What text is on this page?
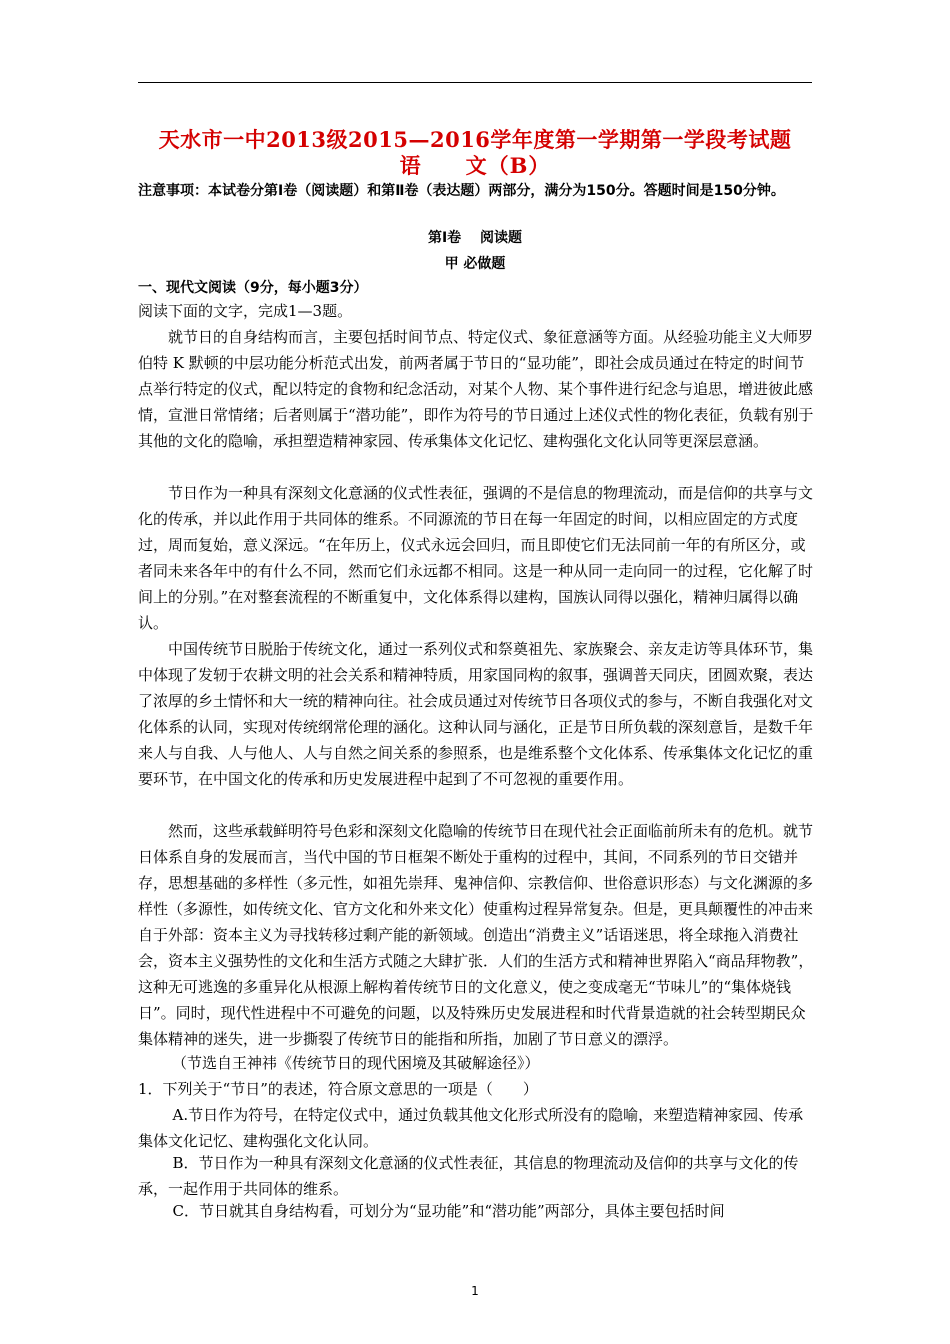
天水市一中2013级2015—2016学年度第一学期第一学段考试题
语　　文（B）
注意事项：本试卷分第Ⅰ卷（阅读题）和第Ⅱ卷（表达题）两部分，满分为150分。答题时间是150分钟。
第Ⅰ卷　 阅读题
甲 必做题
一、现代文阅读（9分，每小题3分）
阅读下面的文字，完成1—3题。
就节日的自身结构而言，主要包括时间节点、特定仪式、象征意涵等方面。从经验功能主义大师罗伯特 K 默顿的中层功能分析范式出发，前两者属于节日的“显功能”，即社会成员通过在特定的时间节点举行特定的仪式，配以特定的食物和纪念活动，对某个人物、某个事件进行纪念与追思，增进彼此感情，宣泄日常情绪；后者则属于“潜功能”，即作为符号的节日通过上述仪式性的物化表征，负载有别于其他的文化的隐喻，承担塑造精神家园、传承集体文化记忆、建构强化文化认同等更深层意涵。
节日作为一种具有深刻文化意涵的仪式性表征，强调的不是信息的物理流动，而是信仰的共享与文化的传承，并以此作用于共同体的维系。不同源流的节日在每一年固定的时间，以相应固定的方式度过，周而复始，意义深远。“在年历上，仪式永远会回归，而且即使它们无法同前一年的有所区分，或者同未来各年中的有什么不同，然而它们永远都不相同。这是一种从同一走向同一的过程，它化解了时间上的分别。”在对整套流程的不断重复中，文化体系得以建构，国族认同得以强化，精神归属得以确认。
中国传统节日脱胎于传统文化，通过一系列仪式和祭奠祖先、家族聚会、亲友走访等具体环节，集中体现了发轫于农耕文明的社会关系和精神特质，用家国同构的叙事，强调普天同庆，团圆欢聚，表达了浓厚的乡土情怀和大一统的精神向往。社会成员通过对传统节日各项仪式的参与，不断自我强化对文化体系的认同，实现对传统纲常伦理的涵化。这种认同与涵化，正是节日所负载的深刻意旨，是数千年来人与自我、人与他人、人与自然之间关系的参照系，也是维系整个文化体系、传承集体文化记忆的重要环节，在中国文化的传承和历史发展进程中起到了不可忽视的重要作用。
然而，这些承载鲜明符号色彩和深刻文化隐喻的传统节日在现代社会正面临前所未有的危机。就节日体系自身的发展而言，当代中国的节日框架不断处于重构的过程中，其间，不同系列的节日交错并存，思想基础的多样性（多元性，如祖先崇拜、鬼神信仰、宗教信仰、世俗意识形态）与文化渊源的多样性（多源性，如传统文化、官方文化和外来文化）使重构过程异常复杂。但是，更具颠覆性的冲击来自于外部：资本主义为寻找转移过剩产能的新领域。创造出“消费主义”话语迷思，将全球拖入消费社会，资本主义强势性的文化和生活方式随之大肆扩张．人们的生活方式和精神世界陷入“商品拜物教”，这种无可逃逸的多重异化从根源上解构着传统节日的文化意义，使之变成毫无“节味儿”的“集体烧钱日”。同时，现代性进程中不可避免的问题，以及特殊历史发展进程和时代背景造就的社会转型期民众集体精神的迷失，进一步撕裂了传统节日的能指和所指，加剧了节日意义的漂浮。
（节选自王神祎《传统节日的现代困境及其破解途径》）
1．下列关于“节日”的表述，符合原文意思的一项是（　　）
A.节日作为符号，在特定仪式中，通过负载其他文化形式所没有的隐喻，来塑造精神家园、传承集体文化记忆、建构强化文化认同。
B．节日作为一种具有深刻文化意涵的仪式性表征，其信息的物理流动及信仰的共享与文化的传承，一起作用于共同体的维系。
C．节日就其自身结构看，可划分为“显功能”和“潜功能”两部分，具体主要包括时间
1
